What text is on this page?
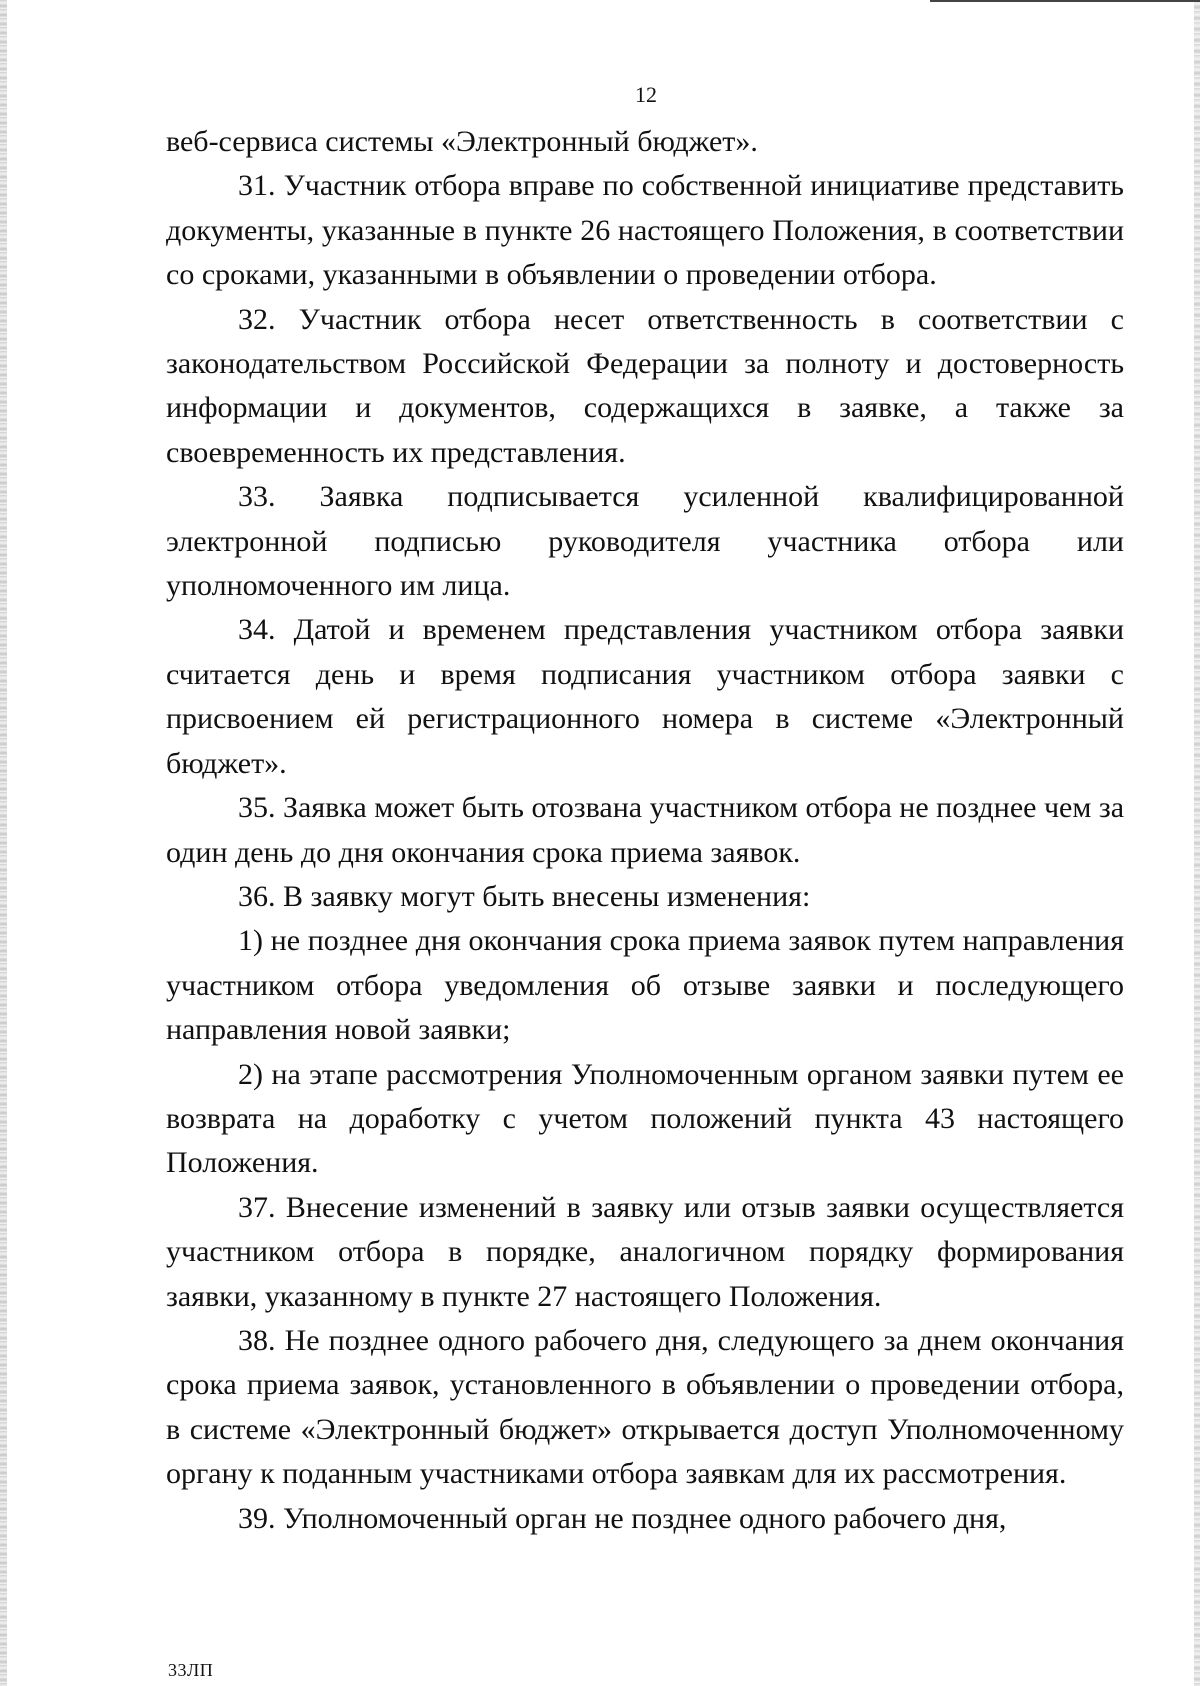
12

веб-сервиса системы «Электронный бюджет».

31. Участник отбора вправе по собственной инициативе представить документы, указанные в пункте 26 настоящего Положения, в соответствии со сроками, указанными в объявлении о проведении отбора.

32. Участник отбора несет ответственность в соответствии с законодательством Российской Федерации за полноту и достоверность информации и документов, содержащихся в заявке, а также за своевременность их представления.

33. Заявка подписывается усиленной квалифицированной электронной подписью руководителя участника отбора или уполномоченного им лица.

34. Датой и временем представления участником отбора заявки считается день и время подписания участником отбора заявки с присвоением ей регистрационного номера в системе «Электронный бюджет».

35. Заявка может быть отозвана участником отбора не позднее чем за один день до дня окончания срока приема заявок.

36. В заявку могут быть внесены изменения:

1) не позднее дня окончания срока приема заявок путем направления участником отбора уведомления об отзыве заявки и последующего направления новой заявки;

2) на этапе рассмотрения Уполномоченным органом заявки путем ее возврата на доработку с учетом положений пункта 43 настоящего Положения.

37. Внесение изменений в заявку или отзыв заявки осуществляется участником отбора в порядке, аналогичном порядку формирования заявки, указанному в пункте 27 настоящего Положения.

38. Не позднее одного рабочего дня, следующего за днем окончания срока приема заявок, установленного в объявлении о проведении отбора, в системе «Электронный бюджет» открывается доступ Уполномоченному органу к поданным участниками отбора заявкам для их рассмотрения.

39. Уполномоченный орган не позднее одного рабочего дня,

33ЛП
